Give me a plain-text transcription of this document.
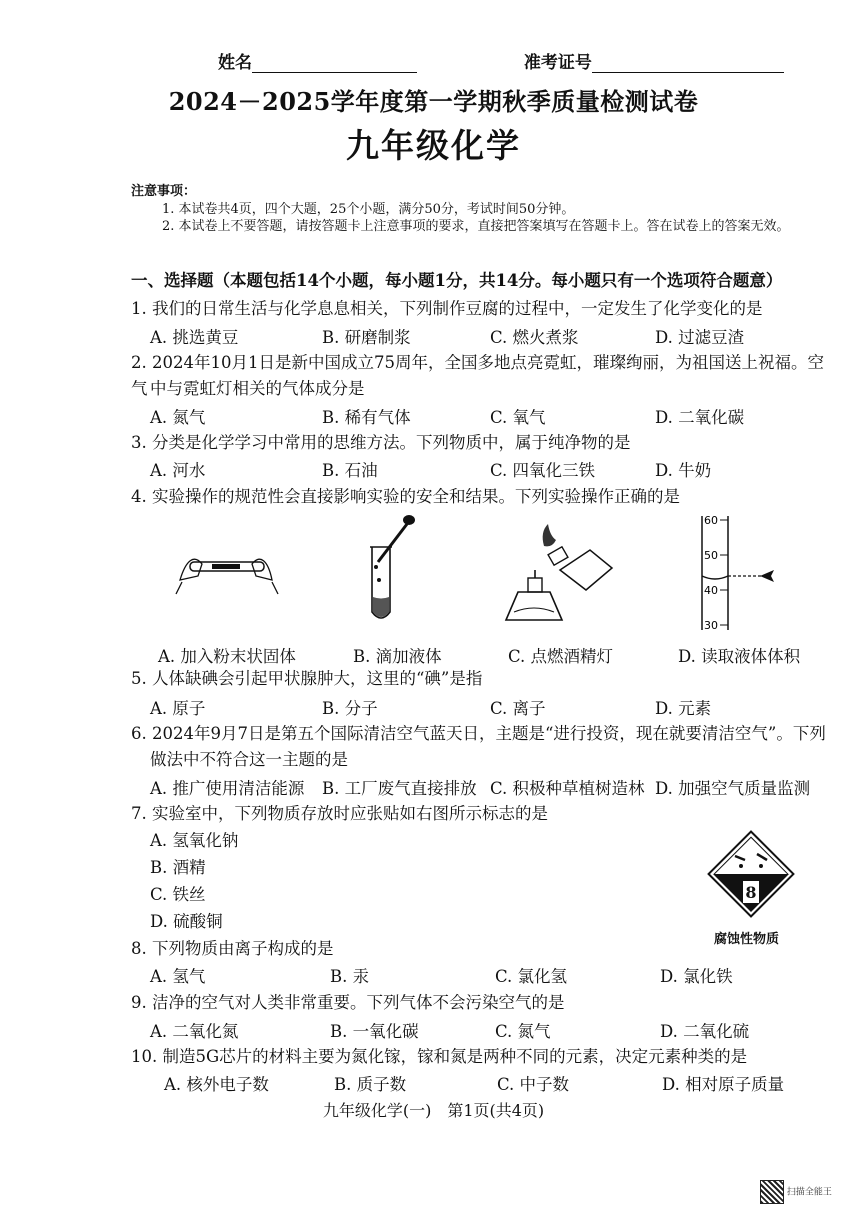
姓名	准考证号
2024－2025学年度第一学期秋季质量检测试卷
九年级化学
注意事项：
1. 本试卷共4页，四个大题，25个小题，满分50分，考试时间50分钟。
2. 本试卷上不要答题，请按答题卡上注意事项的要求，直接把答案填写在答题卡上。答在试卷上的答案无效。
一、选择题（本题包括14个小题，每小题1分，共14分。每小题只有一个选项符合题意）
1. 我们的日常生活与化学息息相关，下列制作豆腐的过程中，一定发生了化学变化的是
A. 挑选黄豆	B. 研磨制浆	C. 燃火煮浆	D. 过滤豆渣
2. 2024年10月1日是新中国成立75周年，全国多地点亮霓虹，璀璨绚丽，为祖国送上祝福。空气 中与霓虹灯相关的气体成分是
A. 氮气	B. 稀有气体	C. 氧气	D. 二氧化碳
3. 分类是化学学习中常用的思维方法。下列物质中，属于纯净物的是
A. 河水	B. 石油	C. 四氧化三铁	D. 牛奶
4. 实验操作的规范性会直接影响实验的安全和结果。下列实验操作正确的是
60
50
40
30
A. 加入粉末状固体	B. 滴加液体	C. 点燃酒精灯	D. 读取液体体积
5. 人体缺碘会引起甲状腺肿大，这里的“碘”是指
A. 原子	B. 分子	C. 离子	D. 元素
6. 2024年9月7日是第五个国际清洁空气蓝天日，主题是“进行投资，现在就要清洁空气”。下列
做法中不符合这一主题的是
A. 推广使用清洁能源	B. 工厂废气直接排放 C. 积极种草植树造林 D. 加强空气质量监测
7. 实验室中，下列物质存放时应张贴如右图所示标志的是
A. 氢氧化钠
B. 酒精
C. 铁丝
D. 硫酸铜
8
腐蚀性物质
8. 下列物质由离子构成的是
A. 氢气	B. 汞	C. 氯化氢	D. 氯化铁
9. 洁净的空气对人类非常重要。下列气体不会污染空气的是
A. 二氧化氮	B. 一氧化碳	C. 氮气	D. 二氧化硫
10. 制造5G芯片的材料主要为氮化镓，镓和氮是两种不同的元素，决定元素种类的是
A. 核外电子数	B. 质子数	C. 中子数	D. 相对原子质量
九年级化学(一)　第1页(共4页)
扫描全能王
